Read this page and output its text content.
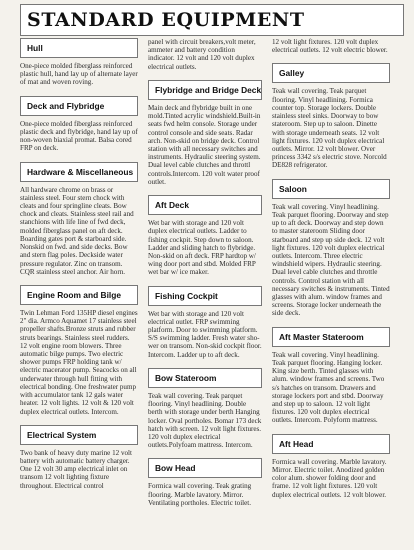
STANDARD EQUIPMENT
Hull

One-piece molded fiberglass reinforced plastic hull, hand lay up of alternate layer of mat and woven roving.

Deck and Flybridge

One-piece molded fiberglass reinforced plastic deck and flybridge, hand lay up of non-woven biaxial promat. Balsa cored FRP on deck.

Hardware & Miscellaneous

All hardware chrome on brass or stainless steel. Four stern chock with cleats and four springline cleats. Bow chock and cleats. Stainless steel rail and stanchions with life line of fwd deck, molded fiberglass panel on aft deck. Boarding gates port & starboard side. Nonskid on fwd. and side decks. Bow and stern flag poles. Deckside water pressure regulator. Zinc on transom. CQR stainless steel anchor. Air horn.

Engine Room and Bilge

Twin Lehman Ford 135HP diesel engines 2" dia. Armco Aquamet 17 stainless steel propeller shafts.Bronze struts and rubber struts bearings. Stainless steel rudders. 12 volt engine room blowers. Three automatic bilge pumps. Two electric shower pumps FRP holding tank w/ electric macerator pump. Seacocks on all underwater through hull fitting with electrical bonding. One freshwater pump with accumulator tank 12 gals water heater. 12 volt lights. 12 volt & 120 volt duplex electrical outlets. Intercom.

Electrical System

Two bank of heavy duty marine 12 volt battery with automatic battery charger. One 12 volt 30 amp electrical inlet on transom 12 volt lighting fixture throughout. Electrical control

panel with circuit breakers,volt meter, ammeter and battery condition indicator. 12 volt and 120 volt duplex electrical outlets.

Flybridge and Bridge Deck

Main deck and flybridge built in one mold.Tinted acrylic windshield.Built-in seats fwd helm console. Storage under control console and side seats. Radar arch. Non-skid on bridge deck. Control station with all necessary switches and instruments. Hydraulic steering system. Dual level cable clutches and throttl controls.Intercom. 120 volt water proof outlet.

Aft Deck

Wet bar with storage and 120 volt duplex electrical outlets. Ladder to fishing cockpit. Step down to saloon. Ladder and sliding hatch to flybridge. Non-skid on aft deck. FRP hardtop w/ wing door port and stbd. Molded FRP wet bar w/ ice maker.

Fishing Cockpit

Wet bar with storage and 120 volt electrical outlet. FRP swimming platform. Door to swimming platform. S/S swimming ladder. Fresh water sho-wer on transom. Non-skid cockpit floor. Intercom. Ladder up to aft deck.

Bow Stateroom

Teak wall covering. Teak parquet flooring. Vinyl headlining. Double berth with storage under berth Hanging locker. Oval portholes. Bomar 173 deck hatch with screen. 12 volt light fixtures. 120 volt duplex electrical outlets.Polyfoam mattress. Intercom.

Bow Head

Formica wall covering. Teak grating flooring. Marble lavatory. Mirror. Ventilating portholes. Electric toilet.

12 volt light fixtures. 120 volt duplex electrical outlets. 12 volt electric blower.

Galley

Teak wall covering. Teak parquet flooring. Vinyl headlining. Formica counter top. Storage lockers. Double stainless steel sinks. Doorway to bow stateroom. Step up to saloon. Dinette with storage underneath seats. 12 volt light fixtures. 120 volt duplex electrical outlets. Mirror. 12 volt blower. Over princess 3342 s/s electric stove. Norcold DE828 refrigerator.

Saloon

Teak wall covering. Vinyl headlining. Teak parquet flooring. Doorway and step up to aft deck. Doorway and step down to master stateroom Sliding door starboard and step up side deck. 12 volt light fixtures. 120 volt duplex electrical outlets. Intercom. Three electric windshield wipers. Hydraulic steering. Dual level cable clutches and throttle controls. Control station with all necessary switches & instruments. Tinted glasses with alum. window frames and screens. Storage locker underneath the side deck.

Aft Master Stateroom

Teak wall covering. Vinyl headlining. Teak parquet flooring. Hanging locker. King size berth. Tinted glasses with alum. window frames and screens. Two s/s hatches on transom. Drawers and storage lockers port and stbd. Doorway and step up to saloon. 12 volt light fixtures. 120 volt duplex electrical outlets. Intercom. Polyform mattress.

Aft Head

Formica wall covering. Marble lavatory. Mirror. Electric toilet. Anodized golden color alum. shower folding door and frame. 12 volt light fixtures. 120 volt duplex electrical outlets. 12 volt blower.
